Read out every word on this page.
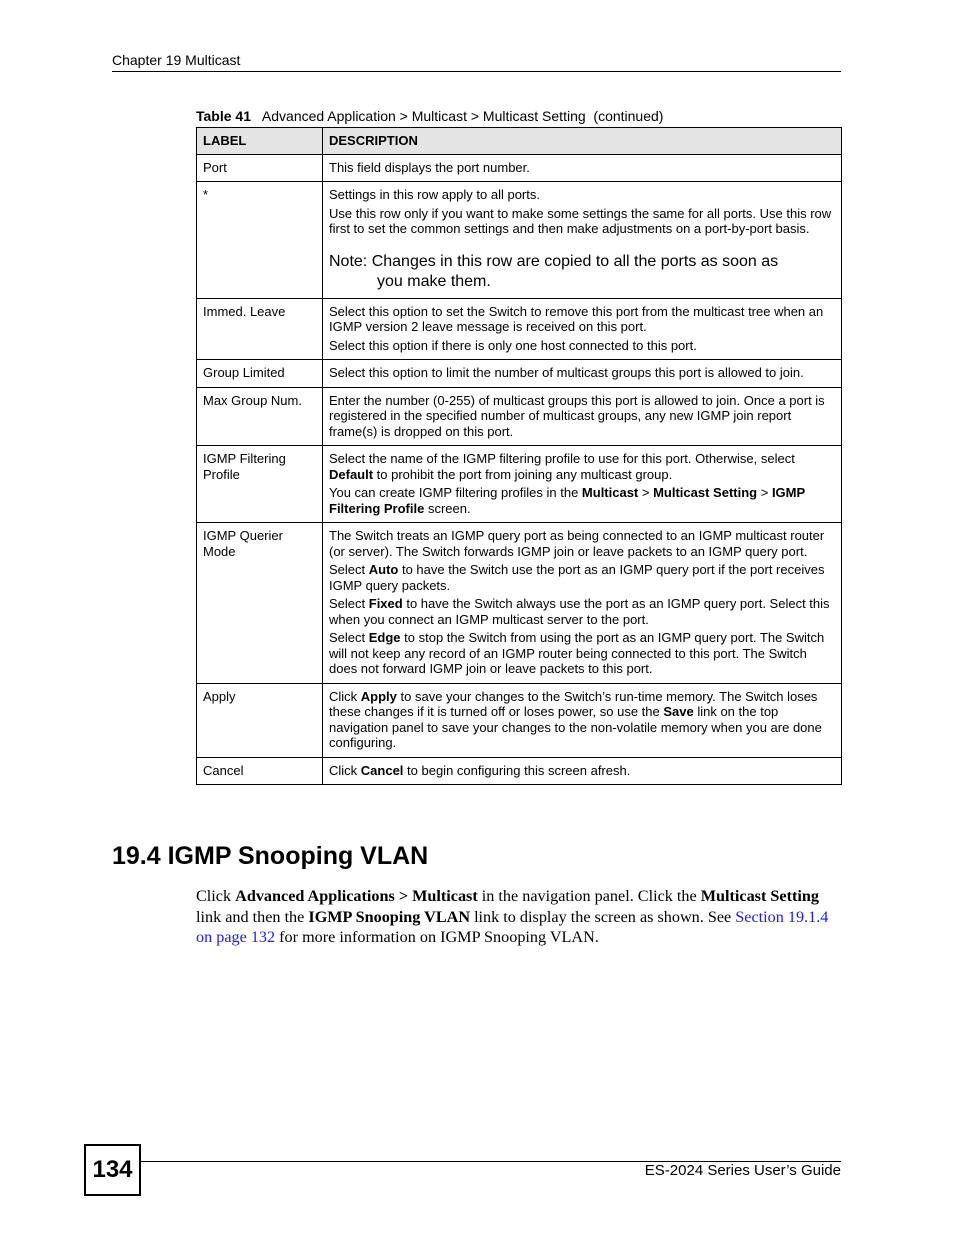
Chapter 19 Multicast
Table 41 Advanced Application > Multicast > Multicast Setting  (continued)
LABEL	DESCRIPTION
Port	This field displays the port number.

*	Settings in this row apply to all ports.

Use this row only if you want to make some settings the same for all ports. Use this row first to set the common settings and then make adjustments on a port-by-port basis.

Note: Changes in this row are copied to all the ports as soon as
you make them.

Immed. Leave	Select this option to set the Switch to remove this port from the multicast tree when an IGMP version 2 leave message is received on this port.

Select this option if there is only one host connected to this port.

Group Limited	Select this option to limit the number of multicast groups this port is allowed to join.

Max Group Num.	Enter the number (0-255) of multicast groups this port is allowed to join. Once a port is registered in the specified number of multicast groups, any new IGMP join report frame(s) is dropped on this port.

IGMP Filtering Profile	Select the name of the IGMP filtering profile to use for this port. Otherwise, select Default to prohibit the port from joining any multicast group.

You can create IGMP filtering profiles in the Multicast > Multicast Setting > IGMP Filtering Profile screen.

IGMP Querier Mode	The Switch treats an IGMP query port as being connected to an IGMP multicast router (or server). The Switch forwards IGMP join or leave packets to an IGMP query port.

Select Auto to have the Switch use the port as an IGMP query port if the port receives IGMP query packets.

Select Fixed to have the Switch always use the port as an IGMP query port. Select this when you connect an IGMP multicast server to the port.

Select Edge to stop the Switch from using the port as an IGMP query port. The Switch will not keep any record of an IGMP router being connected to this port. The Switch does not forward IGMP join or leave packets to this port.

Apply	Click Apply to save your changes to the Switch’s run-time memory. The Switch loses these changes if it is turned off or loses power, so use the Save link on the top navigation panel to save your changes to the non-volatile memory when you are done configuring.

Cancel	Click Cancel to begin configuring this screen afresh.

19.4 IGMP Snooping VLAN

Click Advanced Applications > Multicast in the navigation panel. Click the Multicast Setting link and then the IGMP Snooping VLAN link to display the screen as shown. See Section 19.1.4 on page 132 for more information on IGMP Snooping VLAN.

134	ES-2024 Series User’s Guide
